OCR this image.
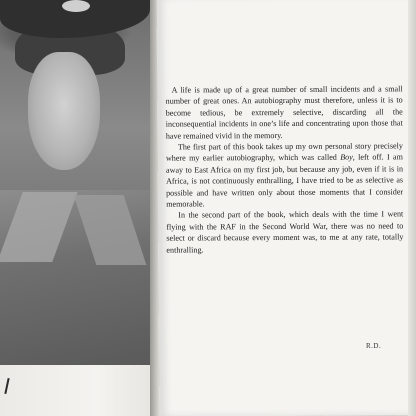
A life is made up of a great number of small incidents and a small number of great ones. An autobiography must therefore, unless it is to become tedious, be extremely selective, discarding all the inconsequential incidents in one’s life and concentrating upon those that have remained vivid in the memory.

The first part of this book takes up my own personal story precisely where my earlier autobiography, which was called Boy, left off. I am away to East Africa on my first job, but because any job, even if it is in Africa, is not continuously enthralling, I have tried to be as selective as possible and have written only about those moments that I consider memorable.

In the second part of the book, which deals with the time I went flying with the RAF in the Second World War, there was no need to select or discard because every moment was, to me at any rate, totally enthralling.

R.D.
